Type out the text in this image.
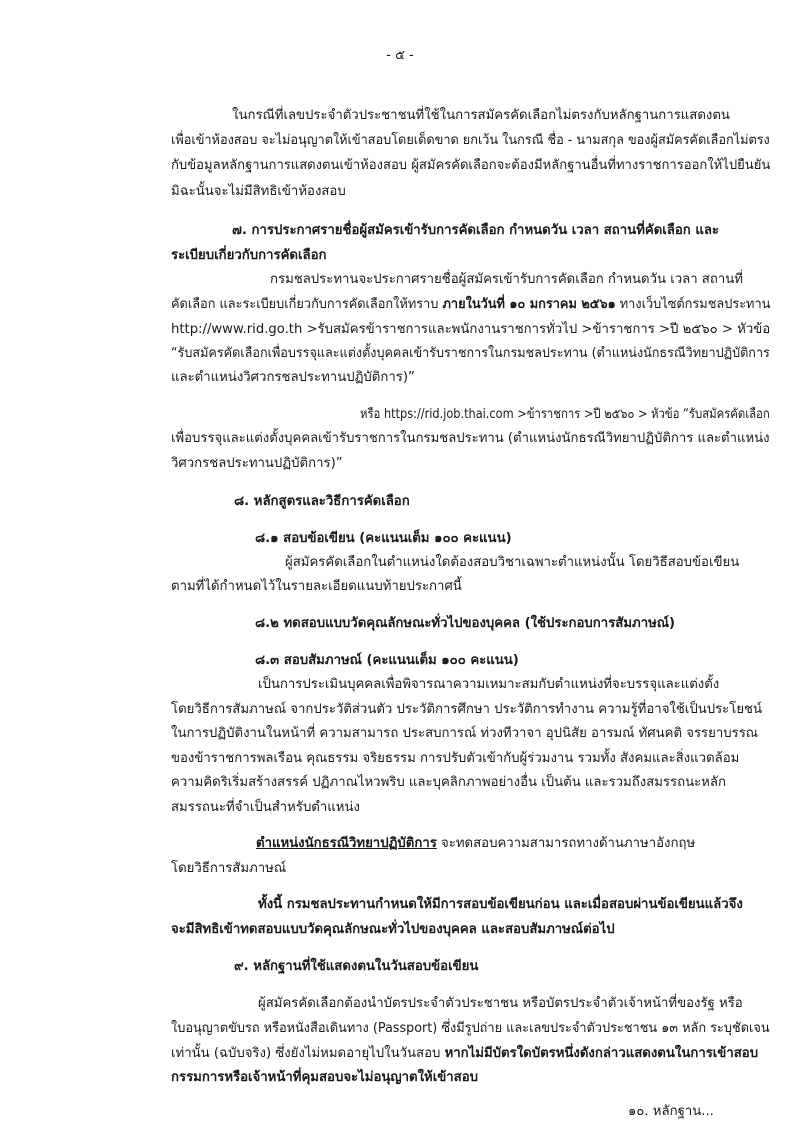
- ๕ -
ในกรณีที่เลขประจำตัวประชาชนที่ใช้ในการสมัครคัดเลือกไม่ตรงกับหลักฐานการแสดงตน
เพื่อเข้าห้องสอบ จะไม่อนุญาตให้เข้าสอบโดยเด็ดขาด ยกเว้น ในกรณี ชื่อ - นามสกุล ของผู้สมัครคัดเลือกไม่ตรง
กับข้อมูลหลักฐานการแสดงตนเข้าห้องสอบ ผู้สมัครคัดเลือกจะต้องมีหลักฐานอื่นที่ทางราชการออกให้ไปยืนยัน
มิฉะนั้นจะไม่มีสิทธิเข้าห้องสอบ
๗. การประกาศรายชื่อผู้สมัครเข้ารับการคัดเลือก กำหนดวัน เวลา สถานที่คัดเลือก และ
ระเบียบเกี่ยวกับการคัดเลือก
กรมชลประทานจะประกาศรายชื่อผู้สมัครเข้ารับการคัดเลือก กำหนดวัน เวลา สถานที่
คัดเลือก และระเบียบเกี่ยวกับการคัดเลือกให้ทราบ ภายในวันที่ ๑๐ มกราคม ๒๕๖๑ ทางเว็บไซต์กรมชลประทาน
http://www.rid.go.th >รับสมัครข้าราชการและพนักงานราชการทั่วไป >ข้าราชการ >ปี ๒๕๖๐ > หัวข้อ
“รับสมัครคัดเลือกเพื่อบรรจุและแต่งตั้งบุคคลเข้ารับราชการในกรมชลประทาน (ตำแหน่งนักธรณีวิทยาปฏิบัติการ
และตำแหน่งวิศวกรชลประทานปฏิบัติการ)”
หรือ https://rid.job.thai.com >ข้าราชการ >ปี ๒๕๖๐ > หัวข้อ “รับสมัครคัดเลือก
เพื่อบรรจุและแต่งตั้งบุคคลเข้ารับราชการในกรมชลประทาน (ตำแหน่งนักธรณีวิทยาปฏิบัติการ และตำแหน่ง
วิศวกรชลประทานปฏิบัติการ)”
๘. หลักสูตรและวิธีการคัดเลือก
๘.๑ สอบข้อเขียน (คะแนนเต็ม ๑๐๐ คะแนน)
ผู้สมัครคัดเลือกในตำแหน่งใดต้องสอบวิชาเฉพาะตำแหน่งนั้น โดยวิธีสอบข้อเขียน
ตามที่ได้กำหนดไว้ในรายละเอียดแนบท้ายประกาศนี้
๘.๒ ทดสอบแบบวัดคุณลักษณะทั่วไปของบุคคล (ใช้ประกอบการสัมภาษณ์)
๘.๓ สอบสัมภาษณ์ (คะแนนเต็ม ๑๐๐ คะแนน)
เป็นการประเมินบุคคลเพื่อพิจารณาความเหมาะสมกับตำแหน่งที่จะบรรจุและแต่งตั้ง
โดยวิธีการสัมภาษณ์ จากประวัติส่วนตัว ประวัติการศึกษา ประวัติการทำงาน ความรู้ที่อาจใช้เป็นประโยชน์
ในการปฏิบัติงานในหน้าที่ ความสามารถ ประสบการณ์ ท่วงทีวาจา อุปนิสัย อารมณ์ ทัศนคติ จรรยาบรรณ
ของข้าราชการพลเรือน คุณธรรม จริยธรรม การปรับตัวเข้ากับผู้ร่วมงาน รวมทั้ง สังคมและสิ่งแวดล้อม
ความคิดริเริ่มสร้างสรรค์ ปฏิภาณไหวพริบ และบุคลิกภาพอย่างอื่น เป็นต้น และรวมถึงสมรรถนะหลัก
สมรรถนะที่จำเป็นสำหรับตำแหน่ง
ตำแหน่งนักธรณีวิทยาปฏิบัติการ จะทดสอบความสามารถทางด้านภาษาอังกฤษ
โดยวิธีการสัมภาษณ์
ทั้งนี้ กรมชลประทานกำหนดให้มีการสอบข้อเขียนก่อน และเมื่อสอบผ่านข้อเขียนแล้วจึง
จะมีสิทธิเข้าทดสอบแบบวัดคุณลักษณะทั่วไปของบุคคล และสอบสัมภาษณ์ต่อไป
๙. หลักฐานที่ใช้แสดงตนในวันสอบข้อเขียน
ผู้สมัครคัดเลือกต้องนำบัตรประจำตัวประชาชน หรือบัตรประจำตัวเจ้าหน้าที่ของรัฐ หรือ
ใบอนุญาตขับรถ หรือหนังสือเดินทาง (Passport) ซึ่งมีรูปถ่าย และเลขประจำตัวประชาชน ๑๓ หลัก ระบุชัดเจน
เท่านั้น (ฉบับจริง) ซึ่งยังไม่หมดอายุไปในวันสอบ หากไม่มีบัตรใดบัตรหนึ่งดังกล่าวแสดงตนในการเข้าสอบ
กรรมการหรือเจ้าหน้าที่คุมสอบจะไม่อนุญาตให้เข้าสอบ
๑๐. หลักฐาน...
